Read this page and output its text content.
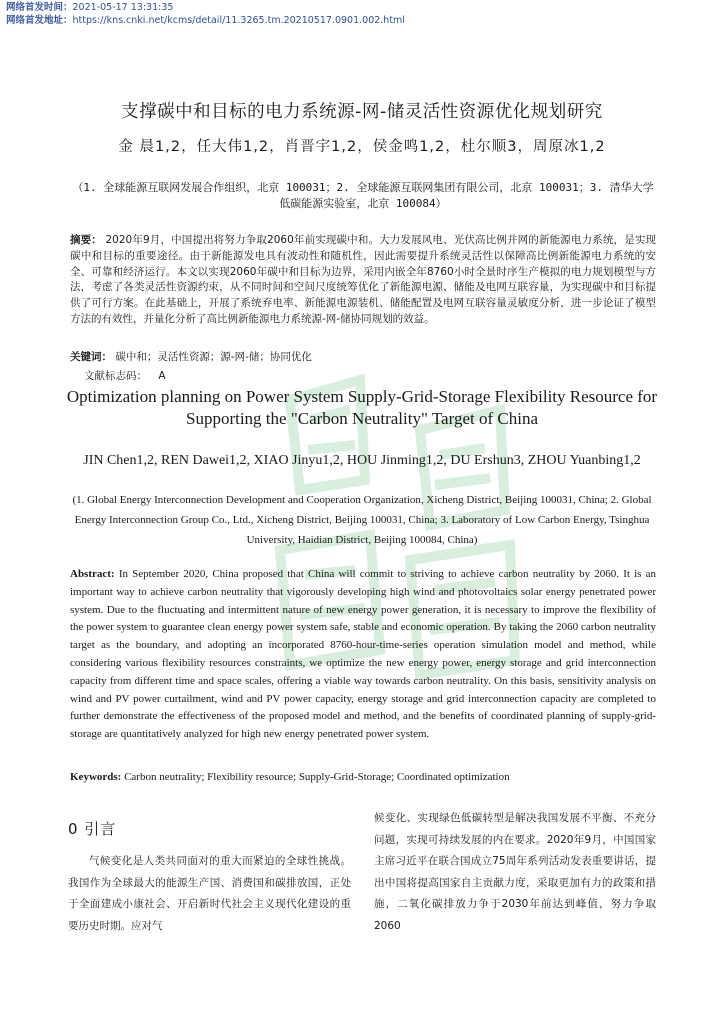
网络首发时间：2021-05-17 13:31:35
网络首发地址：https://kns.cnki.net/kcms/detail/11.3265.tm.20210517.0901.002.html
支撑碳中和目标的电力系统源-网-储灵活性资源优化规划研究
金 晨1,2，任大伟1,2，肖晋宇1,2，侯金鸣1,2，杜尔顺3，周原冰1,2
（1. 全球能源互联网发展合作组织，北京 100031；2. 全球能源互联网集团有限公司，北京 100031；3. 清华大学低碳能源实验室，北京 100084）
摘要： 2020年9月，中国提出将努力争取2060年前实现碳中和。大力发展风电、光伏高比例并网的新能源电力系统，是实现碳中和目标的重要途径。由于新能源发电具有波动性和随机性，因此需要提升系统灵活性以保障高比例新能源电力系统的安全、可靠和经济运行。本文以实现2060年碳中和目标为边界，采用内嵌全年8760小时全景时序生产模拟的电力规划模型与方法，考虑了各类灵活性资源约束，从不同时间和空间尺度统筹优化了新能源电源、储能及电网互联容量，为实现碳中和目标提供了可行方案。在此基础上，开展了系统弃电率、新能源电源装机、储能配置及电网互联容量灵敏度分析，进一步论证了模型方法的有效性，并量化分析了高比例新能源电力系统源-网-储协同规划的效益。
关键词： 碳中和；灵活性资源；源-网-储；协同优化
文献标志码： A
Optimization planning on Power System Supply-Grid-Storage Flexibility Resource for Supporting the "Carbon Neutrality" Target of China
JIN Chen1,2, REN Dawei1,2, XIAO Jinyu1,2, HOU Jinming1,2, DU Ershun3, ZHOU Yuanbing1,2
(1. Global Energy Interconnection Development and Cooperation Organization, Xicheng District, Beijing 100031, China; 2. Global Energy Interconnection Group Co., Ltd., Xicheng District, Beijing 100031, China; 3. Laboratory of Low Carbon Energy, Tsinghua University, Haidian District, Beijing 100084, China)
Abstract: In September 2020, China proposed that China will commit to striving to achieve carbon neutrality by 2060. It is an important way to achieve carbon neutrality that vigorously developing high wind and photovoltaics solar energy penetrated power system. Due to the fluctuating and intermittent nature of new energy power generation, it is necessary to improve the flexibility of the power system to guarantee clean energy power system safe, stable and economic operation. By taking the 2060 carbon neutrality target as the boundary, and adopting an incorporated 8760-hour-time-series operation simulation model and method, while considering various flexibility resources constraints, we optimize the new energy power, energy storage and grid interconnection capacity from different time and space scales, offering a viable way towards carbon neutrality. On this basis, sensitivity analysis on wind and PV power curtailment, wind and PV power capacity, energy storage and grid interconnection capacity are completed to further demonstrate the effectiveness of the proposed model and method, and the benefits of coordinated planning of supply-grid-storage are quantitatively analyzed for high new energy penetrated power system.
Keywords: Carbon neutrality; Flexibility resource; Supply-Grid-Storage; Coordinated optimization
0 引言
气候变化是人类共同面对的重大而紧迫的全球性挑战。我国作为全球最大的能源生产国、消费国和碳排放国，正处于全面建成小康社会、开启新时代社会主义现代化建设的重要历史时期。应对气
候变化、实现绿色低碳转型是解决我国发展不平衡、不充分问题，实现可持续发展的内在要求。2020年9月，中国国家主席习近平在联合国成立75周年系列活动发表重要讲话，提出中国将提高国家自主贡献力度，采取更加有力的政策和措施，二氧化碳排放力争于2030年前达到峰值，努力争取2060
